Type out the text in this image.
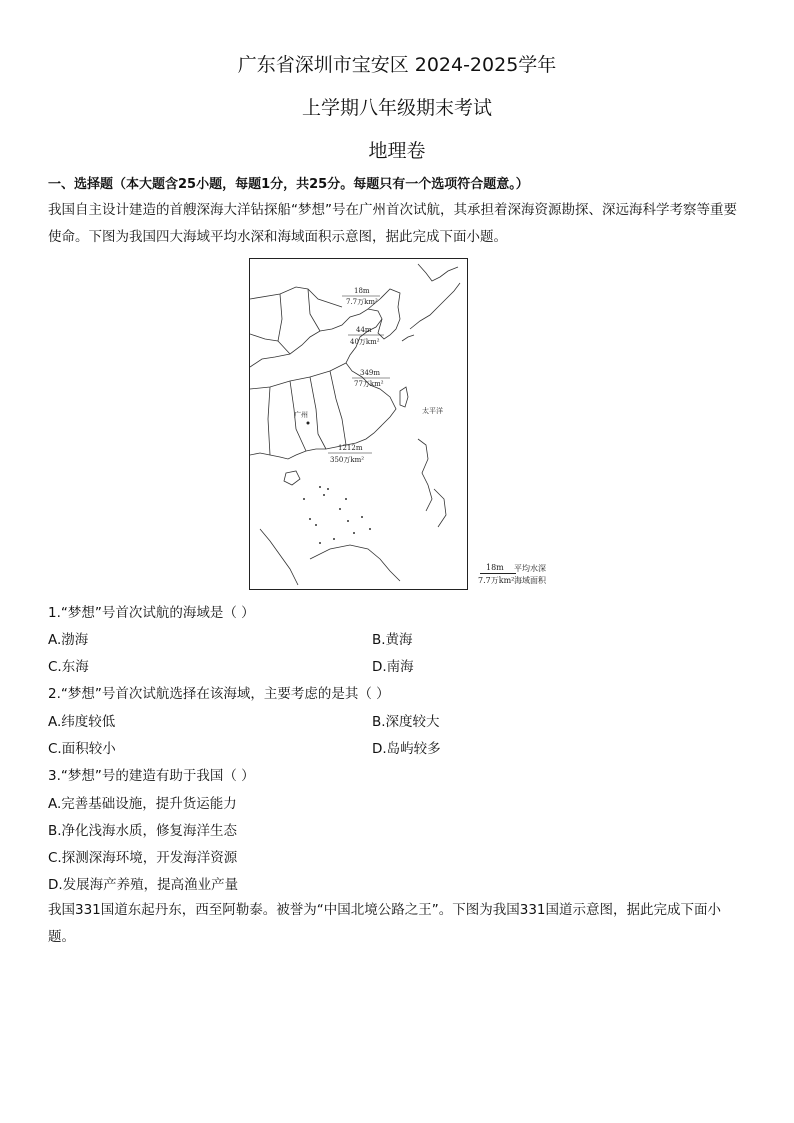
广东省深圳市宝安区 2024-2025学年
上学期八年级期末考试
地理卷
一、选择题（本大题含25小题，每题1分，共25分。每题只有一个选项符合题意。）
我国自主设计建造的首艘深海大洋钻探船“梦想”号在广州首次试航，其承担着深海资源勘探、深远海科学考察等重要使命。下图为我国四大海域平均水深和海域面积示意图，据此完成下面小题。
18m
7.7万km²
44m
40万km²
349m
77万km²
1212m
350万km²
广州	太平洋
18m 平均水深
7.7万km² 海域面积
1.“梦想”号首次试航的海域是（ ）
A.渤海	B.黄海
C.东海	D.南海
2.“梦想”号首次试航选择在该海域，主要考虑的是其（ ）
A.纬度较低	B.深度较大
C.面积较小	D.岛屿较多
3.“梦想”号的建造有助于我国（ ）
A.完善基础设施，提升货运能力
B.净化浅海水质，修复海洋生态
C.探测深海环境，开发海洋资源
D.发展海产养殖，提高渔业产量
我国331国道东起丹东，西至阿勒泰。被誉为“中国北境公路之王”。下图为我国331国道示意图，据此完成下面小题。
